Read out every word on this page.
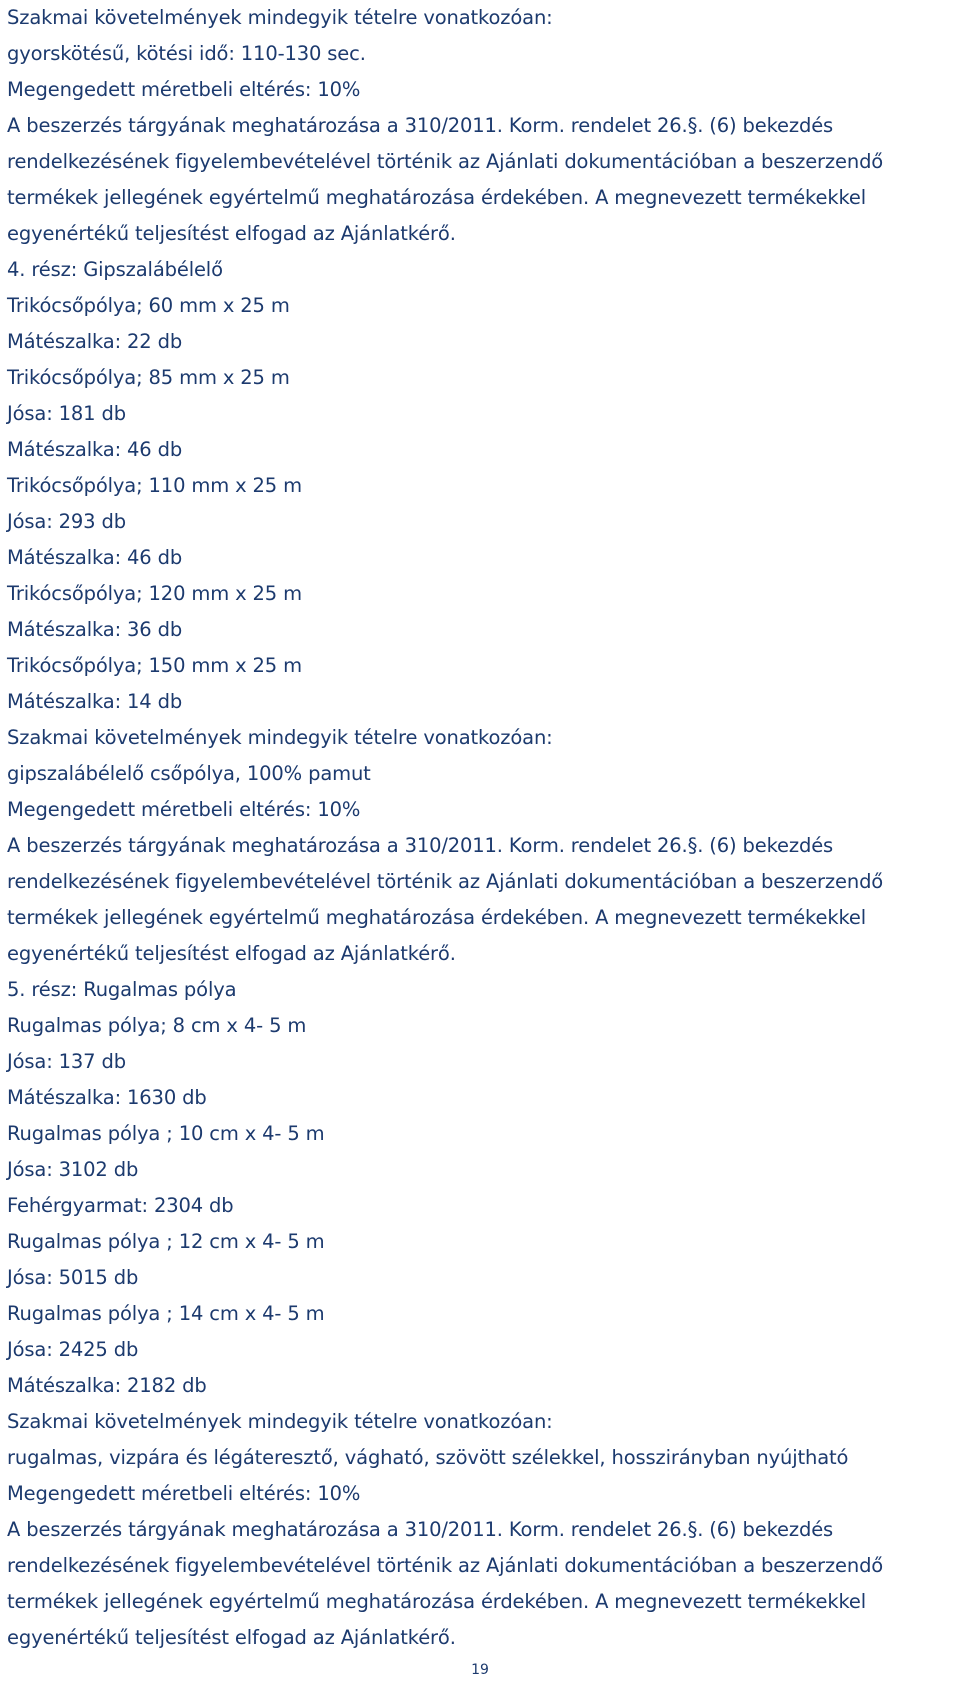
Szakmai követelmények mindegyik tételre vonatkozóan:
gyorskötésű, kötési idő: 110-130 sec.
Megengedett méretbeli eltérés: 10%
A beszerzés tárgyának meghatározása a 310/2011. Korm. rendelet 26.§. (6) bekezdés
rendelkezésének figyelembevételével történik az Ajánlati dokumentációban a beszerzendő
termékek jellegének egyértelmű meghatározása érdekében. A megnevezett termékekkel
egyenértékű teljesítést elfogad az Ajánlatkérő.
4. rész: Gipszalábélelő
Trikócsőpólya; 60 mm x 25 m
Mátészalka: 22 db
Trikócsőpólya; 85 mm x 25 m
Jósa: 181 db
Mátészalka: 46 db
Trikócsőpólya; 110 mm x 25 m
Jósa: 293 db
Mátészalka: 46 db
Trikócsőpólya; 120 mm x 25 m
Mátészalka: 36 db
Trikócsőpólya; 150 mm x 25 m
Mátészalka: 14 db
Szakmai követelmények mindegyik tételre vonatkozóan:
gipszalábélelő csőpólya, 100% pamut
Megengedett méretbeli eltérés: 10%
A beszerzés tárgyának meghatározása a 310/2011. Korm. rendelet 26.§. (6) bekezdés
rendelkezésének figyelembevételével történik az Ajánlati dokumentációban a beszerzendő
termékek jellegének egyértelmű meghatározása érdekében. A megnevezett termékekkel
egyenértékű teljesítést elfogad az Ajánlatkérő.
5. rész: Rugalmas pólya
Rugalmas pólya; 8 cm x 4- 5 m
Jósa: 137 db
Mátészalka: 1630 db
Rugalmas pólya ; 10 cm x 4- 5 m
Jósa: 3102 db
Fehérgyarmat: 2304 db
Rugalmas pólya ; 12 cm x 4- 5 m
Jósa: 5015 db
Rugalmas pólya ; 14 cm x 4- 5 m
Jósa: 2425 db
Mátészalka: 2182 db
Szakmai követelmények mindegyik tételre vonatkozóan:
rugalmas, vizpára és légáteresztő, vágható, szövött szélekkel, hosszirányban nyújtható
Megengedett méretbeli eltérés: 10%
A beszerzés tárgyának meghatározása a 310/2011. Korm. rendelet 26.§. (6) bekezdés
rendelkezésének figyelembevételével történik az Ajánlati dokumentációban a beszerzendő
termékek jellegének egyértelmű meghatározása érdekében. A megnevezett termékekkel
egyenértékű teljesítést elfogad az Ajánlatkérő.
19
